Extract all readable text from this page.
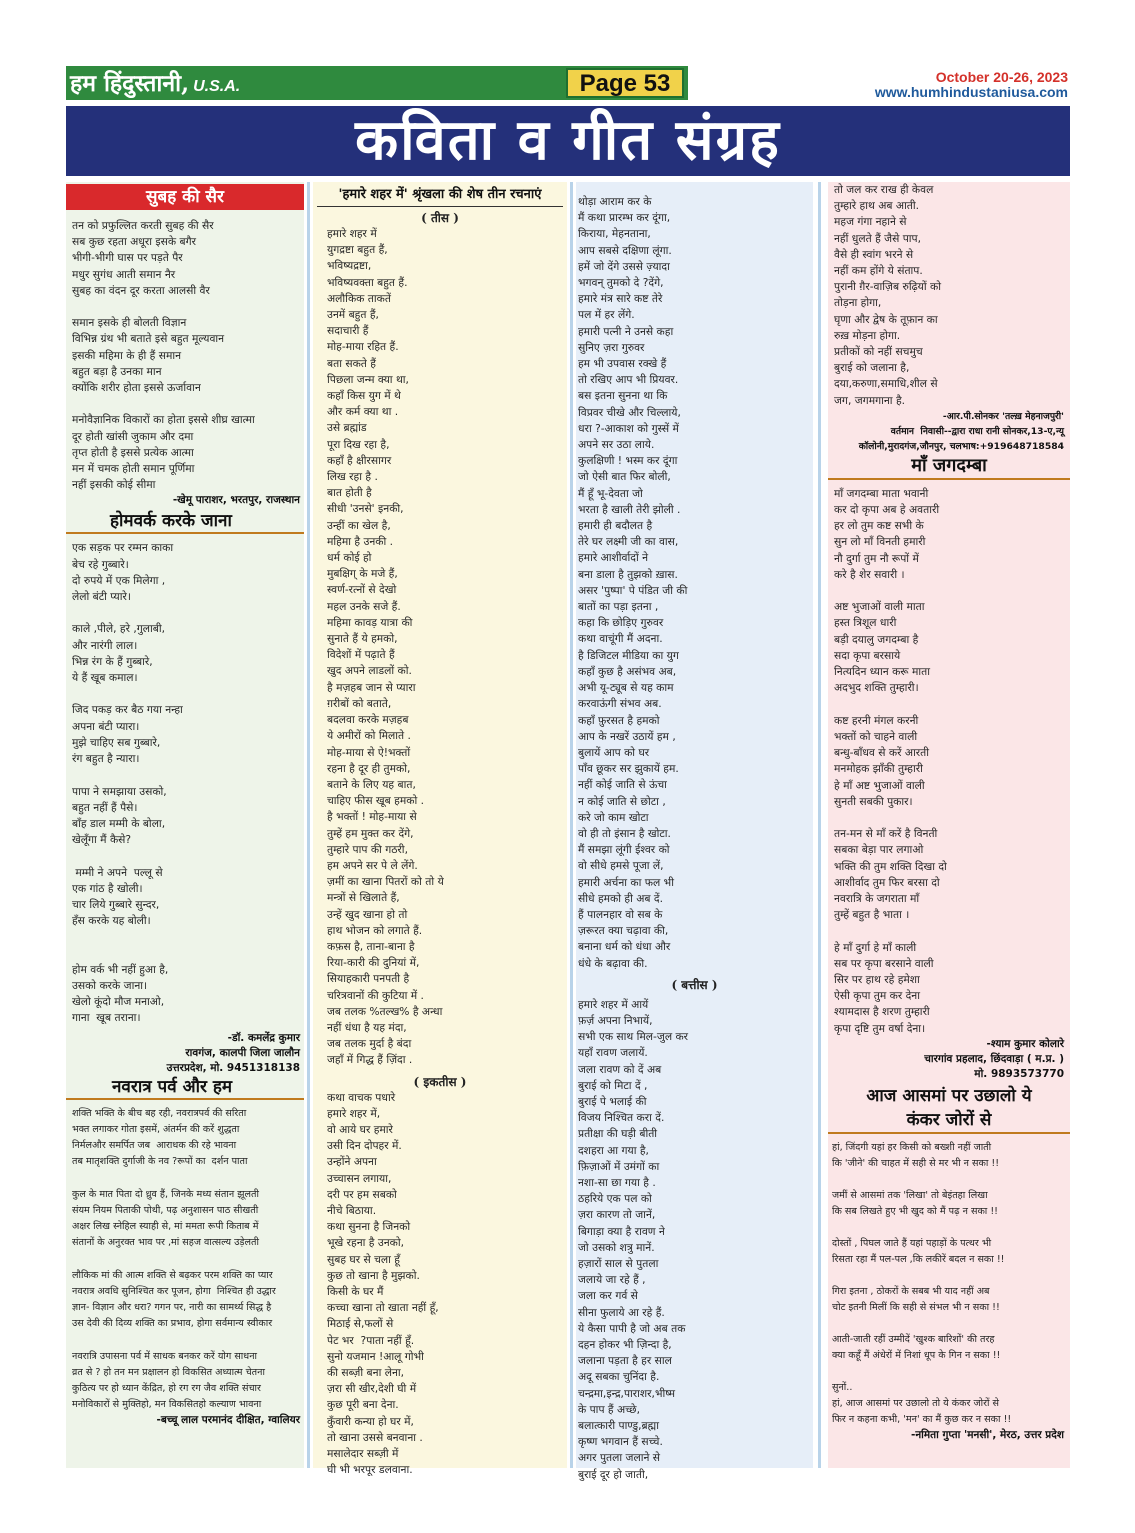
हम हिंदुस्तानी, U.S.A.	Page 53	October 20-26, 2023
www.humhindustaniusa.com
कविता व गीत संग्रह
सुबह की सैर
तन को प्रफुल्लित करती सुबह की सैर
सब कुछ रहता अधूरा इसके बगैर
भीगी-भीगी घास पर पड़ते पैर
मधुर सुगंध आती समान नैर
सुबह का वंदन दूर करता आलसी वैर

समान इसके ही बोलती विज्ञान
विभिन्न ग्रंथ भी बताते इसे बहुत मूल्यवान
इसकी महिमा के ही हैं समान
बहुत बड़ा है उनका मान
क्योंकि शरीर होता इससे ऊर्जावान

मनोवैज्ञानिक विकारों का होता इससे शीघ्र खात्मा
दूर होती खांसी जुकाम और दमा
तृप्त होती है इससे प्रत्येक आत्मा
मन में चमक होती समान पूर्णिमा
नहीं इसकी कोई सीमा
-खेमू पाराशर, भरतपुर, राजस्थान
होमवर्क करके जाना
एक सड़क पर रम्मन काका
बेच रहे गुब्बारे।
दो रुपये में एक मिलेगा ,
लेलो बंटी प्यारे।

काले ,पीले, हरे ,गुलाबी,
और नारंगी लाल।
भिन्न रंग के हैं गुब्बारे,
ये हैं खूब कमाल।

जिद पकड़ कर बैठ गया नन्हा
अपना बंटी प्यारा।
मुझे चाहिए सब गुब्बारे,
रंग बहुत है न्यारा।

पापा ने समझाया उसको,
बहुत नहीं हैं पैसे।
बाँह डाल मम्मी के बोला,
खेलूँगा मैं कैसे?

मम्मी ने अपने  पल्लू से
एक गांठ है खोली।
चार लिये गुब्बारे सुन्दर,
हँस करके यह बोली।

होम वर्क भी नहीं हुआ है,
उसको करके जाना।
खेलो कूंदो मौज मनाओ,
गाना  खूब तराना।
-डॉ. कमलेंद्र कुमार
रावगंज, कालपी जिला जालौन
उत्तरप्रदेश, मो. 9451318138
नवरात्र पर्व और हम
शक्ति भक्ति के बीच बह रही, नवरात्रपर्व की सरिता
भक्त लगाकर गोता इसमें, अंतर्मन की करें शुद्धता
निर्मलऔर समर्पित जब  आराधक की रहे भावना
तब मातृशक्ति दुर्गाजी के नव ?रूपों का  दर्शन पाता

कुल के मात पिता दो ध्रुव हैं, जिनके मध्य संतान झूलती
संयम नियम पिताकी पोथी, पढ़ अनुशासन पाठ सीखती
अक्षर लिख स्नेहिल स्याही से, मां ममता रूपी किताब में
संतानों के अनुरक्त भाव पर ,मां सहज वात्सल्य उड़ेलती

लौकिक मां की आत्म शक्ति से बढ़कर परम शक्ति का प्यार
नवरात्र अवधि सुनिश्चित कर पूजन, होगा  निश्चित ही उद्धार
ज्ञान- विज्ञान और धरा? गगन पर, नारी का सामर्थ्य सिद्ध है
उस देवी की दिव्य शक्ति का प्रभाव, होगा सर्वमान्य स्वीकार

नवरात्रि उपासना पर्व में साधक बनकर करें योग साधना
व्रत से ? हो तन मन प्रक्षालन हो विकसित अध्यात्म चेतना
कुठित्य पर हो ध्यान केंद्रित, हो रग रग जैव शक्ति संचार
मनोविकारों से मुक्तिहो, मन विकसितहो कल्याण भावना
-बच्चू लाल परमानंद दीक्षित, ग्वालियर
'हमारे शहर में' श्रृंखला की शेष तीन रचनाएं
( तीस )
हमारे शहर में
युगद्रष्टा बहुत हैं,
भविष्यद्रष्टा,
भविष्यवक्ता बहुत हैं.
अलौकिक ताकतें
उनमें बहुत हैं,
सदाचारी हैं
मोह-माया रहित हैं.
बता सकते हैं
पिछला जन्म क्या था,
कहाँ किस युग में थे
और कर्म क्या था .
उसे ब्रह्मांड
पूरा दिख रहा है,
कहाँ है क्षीरसागर
लिख रहा है .
बात होती है
सीधी 'उनसे' इनकी,
उन्हीं का खेल है,
महिमा है उनकी .
धर्म कोई हो
मुबक्षिग् के मजे हैं,
स्वर्ण-रत्नों से देखो
महल उनके सजे हैं.
महिमा कावड़ यात्रा की
सुनाते हैं ये हमको,
विदेशों में पढ़ाते हैं
खुद अपने लाडलों को.
है मज़हब जान से प्यारा
ग़रीबों को बताते,
बदलवा करके मज़हब
ये अमीरों को मिलाते .
मोह-माया से ऐ!भक्तों
रहना है दूर ही तुमको,
बताने के लिए यह बात,
चाहिए फीस खूब हमको .
है भक्तों ! मोह-माया से
तुम्हें हम मुक्त कर देंगे,
तुम्हारे पाप की गठरी,
हम अपने सर पे ले लेंगे.
ज़मीं का खाना पितरों को तो ये
मन्त्रों से खिलाते हैं,
उन्हें खुद खाना हो तो
हाथ भोजन को लगाते हैं.
कफ़स है, ताना-बाना है
रिया-कारी की दुनियां में,
सियाहकारी पनपती है
चरित्रवानों की कुटिया में .
जब तलक %तल्ख% है अन्धा
नहीं धंधा है यह मंदा,
जब तलक मुर्दा है बंदा
जहाँ में गिद्ध हैं ज़िंदा .
( इकतीस )
कथा वाचक पधारे
हमारे शहर में,
वो आये घर हमारे
उसी दिन दोपहर में.
उन्होंने अपना
उच्चासन लगाया,
दरी पर हम सबको
नीचे बिठाया.
कथा सुनना है जिनको
भूखे रहना है उनको,
सुबह घर से चला हूँ
कुछ तो खाना है मुझको.
किसी के घर मैं
कच्चा खाना तो खाता नहीं हूँ,
मिठाई से,फलों से
पेट भर  ?पाता नहीं हूँ.
सुनो यजमान !आलू गोभी
की सब्ज़ी बना लेना,
ज़रा सी खीर,देशी घी में
कुछ पूरी बना देना.
कुँवारी कन्या हो घर में,
तो खाना उससे बनवाना .
मसालेदार सब्ज़ी में
घी भी भरपूर डलवाना.
थोड़ा आराम कर के
मैं कथा प्रारम्भ कर दूंगा,
किराया, मेहनताना,
आप सबसे दक्षिणा लूंगा.
हमें जो देंगे उससे ज़्यादा
भगवन् तुमको दे ?देंगे,
हमारे मंत्र सारे कष्ट तेरे
पल में हर लेंगे.
हमारी पत्नी ने उनसे कहा
सुनिए ज़रा गुरुवर
हम भी उपवास रक्खे हैं
तो रखिए आप भी प्रियवर.
बस इतना सुनना था कि
विप्रवर चीखे और चिल्लाये,
धरा ?-आकाश को गुस्सें में
अपने सर उठा लाये.
कुलक्षिणी ! भस्म कर दूंगा
जो ऐसी बात फिर बोली,
मैं हूँ भू-देवता जो
भरता है खाली तेरी झोली .
हमारी ही बदौलत है
तेरे घर लक्ष्मी जी का वास,
हमारे आशीर्वादों ने
बना डाला है तुझको ख़ास.
असर 'पुष्पा' पे पंडित जी की
बातों का पड़ा इतना ,
कहा कि छोड़िए गुरुवर
कथा वाचूंगी मैं अदना.
है डिजिटल मीडिया का युग
कहाँ कुछ है असंभव अब,
अभी यू-ट्यूब से यह काम
करवाऊंगी संभव अब.
कहाँ फ़ुरसत है हमको
आप के नखरें उठायें हम ,
बुलायें आप को घर
पाँव छूकर सर झुकायें हम.
नहीं कोई जाति से ऊंचा
न कोई जाति से छोटा ,
करे जो काम खोटा
वो ही तो इंसान है खोटा.
मैं समझा लूंगी ईश्वर को
वो सीधे हमसे पूजा लें,
हमारी अर्चना का फल भी
सीधे हमको ही अब दें.
हैं पालनहार वो सब के
ज़रूरत क्या चढ़ावा की,
बनाना धर्म को धंधा और
धंधे के बढ़ावा की.
( बत्तीस )
हमारे शहर में आयें
फ़र्ज़ अपना निभायें,
सभी एक साथ मिल-जुल कर
यहाँ रावण जलायें.
जला रावण को दें अब
बुराई को मिटा दें ,
बुराई पे भलाई की
विजय निश्चित करा दें.
प्रतीक्षा की घड़ी बीती
दशहरा आ गया है,
फ़िज़ाओं में उमंगों का
नशा-सा छा गया है .
ठहरिये एक पल को
ज़रा कारण तो जानें,
बिगाड़ा क्या है रावण ने
जो उसको शत्रु मानें.
हज़ारों साल से पुतला
जलाये जा रहे हैं ,
जला कर गर्व से
सीना फुलाये आ रहे हैं.
ये कैसा पापी है जो अब तक
दहन होकर भी ज़िन्दा है,
जलाना पड़ता है हर साल
अदू सबका चुनिंदा है.
चन्द्रमा,इन्द्र,पाराशर,भीष्म
के पाप हैं अच्छे,
बलात्कारी पाण्डु,ब्रह्मा
कृष्ण भगवान हैं सच्चे.
अगर पुतला जलाने से
बुराई दूर हो जाती,
तो जल कर राख ही केवल
तुम्हारे हाथ अब आती.
महज गंगा नहाने से
नहीं धुलते हैं जैसे पाप,
वैसे ही स्वांग भरने से
नहीं कम होंगे ये संताप.
पुरानी ग़ैर-वाज़िब रुढ़ियों को
तोड़ना होगा,
घृणा और द्वेष के तूफ़ान का
रुख़ मोड़ना होगा.
प्रतीकों को नहीं सचमुच
बुराई को जलाना है,
दया,करुणा,समाधि,शील से
जग, जगमगाना है.
-आर.पी.सोनकर 'तल्ख़ मेहनाजपुरी'
वर्तमान  निवासी--द्वारा राधा रानी सोनकर,13-ए,न्यू
कॉलोनी,मुरादगंज,जौनपुर, चलभाष:+919648718584
माँ जगदम्बा
माँ जगदम्बा माता भवानी
कर दो कृपा अब हे अवतारी
हर लो तुम कष्ट सभी के
सुन लो माँ विनती हमारी
नौ दुर्गा तुम नौ रूपों में
करे है शेर सवारी ।

अष्ट भुजाओं वाली माता
हस्त त्रिशूल धारी
बड़ी दयालु जगदम्बा है
सदा कृपा बरसाये
नित्यदिन ध्यान करू माता
अदभुद शक्ति तुम्हारी।

कष्ट हरनी मंगल करनी
भक्तों को चाहने वाली
बन्धु-बाँधव से करें आरती
मनमोहक झाँकी तुम्हारी
हे माँ अष्ट भुजाओं वाली
सुनती सबकी पुकार।

तन-मन से माँ करें है विनती
सबका बेड़ा पार लगाओ
भक्ति की तुम शक्ति दिखा दो
आशीर्वाद तुम फिर बरसा दो
नवरात्रि के जगराता माँ
तुम्हें बहुत है भाता ।

हे माँ दुर्गा हे माँ काली
सब पर कृपा बरसाने वाली
सिर पर हाथ रहे हमेशा
ऐसी कृपा तुम कर देना
श्यामदास है शरण तुम्हारी
कृपा दृष्टि तुम वर्षा देना।
-श्याम कुमार कोलारे
चारगांव प्रहलाद, छिंदवाड़ा ( म.प्र. )
मो. 9893573770
आज आसमां पर उछालो ये
कंकर जोरों से
हां, जिंदगी यहां हर किसी को बख्शी नहीं जाती
कि 'जीने' की चाहत में सही से मर भी न सका !!

जमीं से आसमां तक 'लिखा' तो बेइंतहा लिखा
कि सब लिखते हुए भी खुद को मैं पढ़ न सका !!

दोस्तों , पिघल जाते हैं यहां पहाड़ों के पत्थर भी
रिसता रहा मैं पल-पल ,कि लकीरें बदल न सका !!

गिरा इतना , ठोकरों के सबब भी याद नहीं अब
चोट इतनी मिलीं कि सही से संभल भी न सका !!

आती-जाती रहीं उम्मीदें 'खुश्क बारिशों' की तरह
क्या कहूँ मैं अंधेरों में निशां धूप के गिन न सका !!

सुनों..
हां, आज आसमां पर उछालो तो ये कंकर जोरों से
फिर न कहना कभी, 'मन' का मैं कुछ कर न सका !!
-नमिता गुप्ता 'मनसी', मेरठ, उत्तर प्रदेश
